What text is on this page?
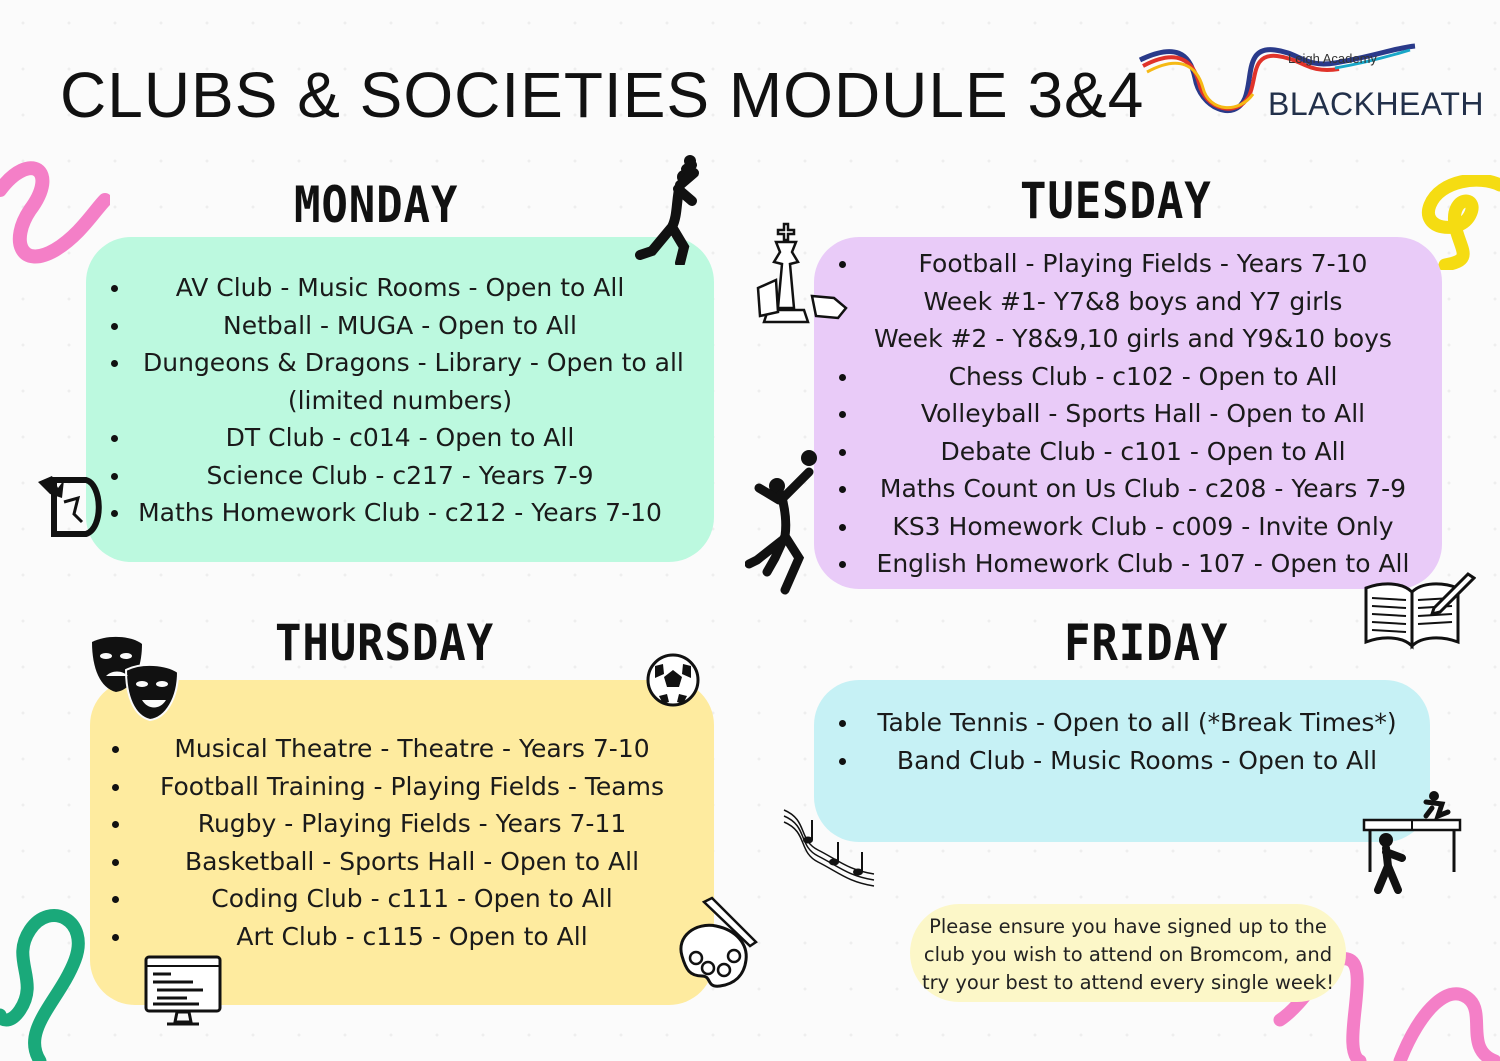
CLUBS & SOCIETIES MODULE 3&4
Leigh Academy
BLACKHEATH
MONDAY
AV Club - Music Rooms - Open to All
Netball - MUGA - Open to All
Dungeons & Dragons - Library - Open to all
(limited numbers)
DT Club - c014 - Open to All
Science Club - c217 - Years 7-9
Maths Homework Club - c212 - Years 7-10
TUESDAY
Football - Playing Fields - Years 7-10
Week #1- Y7&8 boys and Y7 girls
Week #2 - Y8&9,10 girls and Y9&10 boys
Chess Club - c102 - Open to All
Volleyball - Sports Hall - Open to All
Debate Club - c101 - Open to All
Maths Count on Us Club - c208 - Years 7-9
KS3 Homework Club - c009 - Invite Only
English Homework Club - 107 - Open to All
THURSDAY
Musical Theatre - Theatre - Years 7-10
Football Training - Playing Fields - Teams
Rugby - Playing Fields - Years 7-11
Basketball - Sports Hall - Open to All
Coding Club - c111 - Open to All
Art Club - c115 - Open to All
FRIDAY
Table Tennis - Open to all (*Break Times*)
Band Club - Music Rooms - Open to All
Please ensure you have signed up to the
club you wish to attend on Bromcom, and
try your best to attend every single week!
